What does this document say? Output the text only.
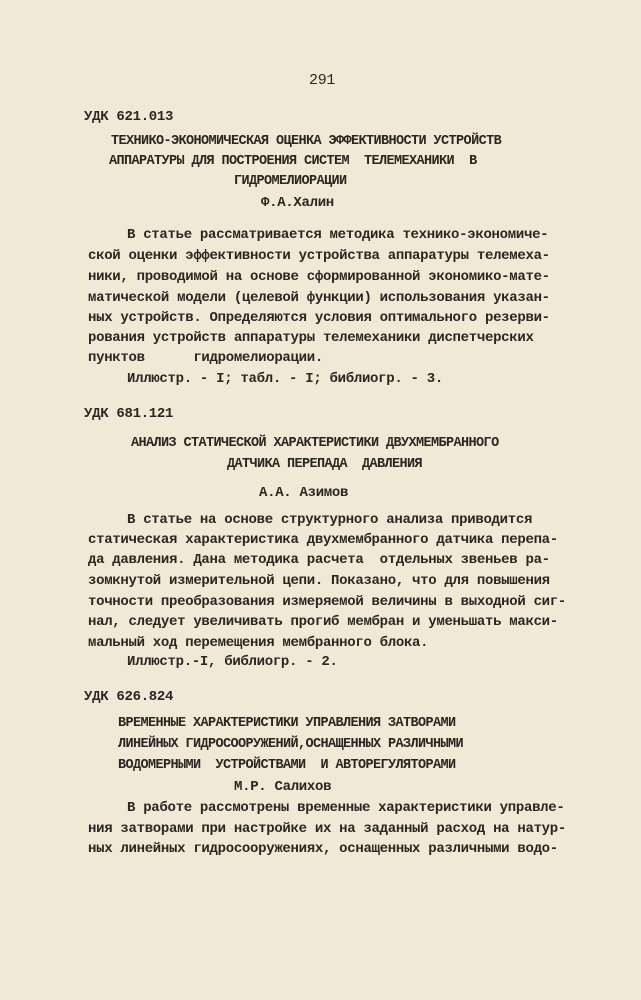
291
УДК 621.013
ТЕХНИКО-ЭКОНОМИЧЕСКАЯ ОЦЕНКА ЭФФЕКТИВНОСТИ УСТРОЙСТВ
АППАРАТУРЫ ДЛЯ ПОСТРОЕНИЯ СИСТЕМ  ТЕЛЕМЕХАНИКИ  В
ГИДРОМЕЛИОРАЦИИ
Ф.А.Халин
В статье рассматривается методика технико-экономиче-
ской оценки эффективности устройства аппаратуры телемеха-
ники, проводимой на основе сформированной экономико-мате-
матической модели (целевой функции) использования указан-
ных устройств. Определяются условия оптимального резерви-
рования устройств аппаратуры телемеханики диспетчерских
пунктов      гидромелиорации.
Иллюстр. - I; табл. - I; библиогр. - 3.
УДК 681.121
АНАЛИЗ СТАТИЧЕСКОЙ ХАРАКТЕРИСТИКИ ДВУХМЕМБРАННОГО
ДАТЧИКА ПЕРЕПАДА  ДАВЛЕНИЯ
А.А. Азимов
В статье на основе структурного анализа приводится
статическая характеристика двухмембранного датчика перепа-
да давления. Дана методика расчета  отдельных звеньев ра-
зомкнутой измерительной цепи. Показано, что для повышения
точности преобразования измеряемой величины в выходной сиг-
нал, следует увеличивать прогиб мембран и уменьшать макси-
мальный ход перемещения мембранного блока.
Иллюстр.-I, библиогр. - 2.
УДК 626.824
ВРЕМЕННЫЕ ХАРАКТЕРИСТИКИ УПРАВЛЕНИЯ ЗАТВОРАМИ
ЛИНЕЙНЫХ ГИДРОСООРУЖЕНИЙ,ОСНАЩЕННЫХ РАЗЛИЧНЫМИ
ВОДОМЕРНЫМИ  УСТРОЙСТВАМИ  И АВТОРЕГУЛЯТОРАМИ
М.Р. Салихов
В работе рассмотрены временные характеристики управле-
ния затворами при настройке их на заданный расход на натур-
ных линейных гидросооружениях, оснащенных различными водо-
